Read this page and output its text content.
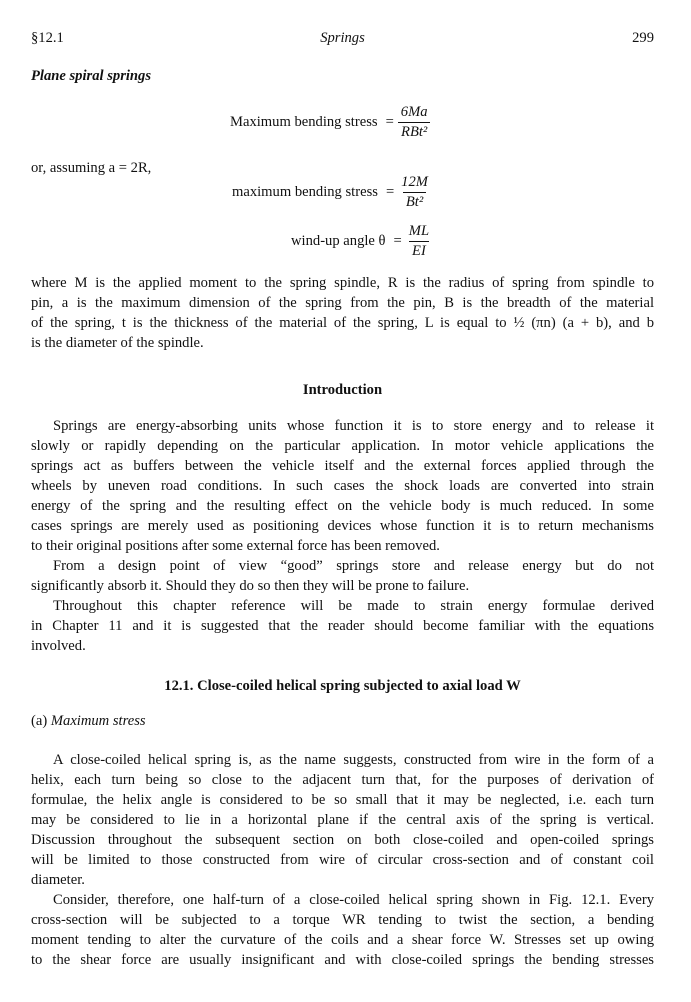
§12.1	Springs	299
Plane spiral springs
Maximum bending stress = $\frac{6Ma}{\text{RBt²}}$
or, assuming a = 2R,
maximum bending stress = $\frac{12M}{\text{Bt²}}$
wind-up angle $\theta = \frac{ML}{EI}$
where M is the applied moment to the spring spindle, R is the radius of spring from spindle to
pin, a is the maximum dimension of the spring from the pin, B is the breadth of the material
of the spring, t is the thickness of the material of the spring, L is equal to ½ (πn) (a + b), and b
is the diameter of the spindle.
Introduction
Springs are energy-absorbing units whose function it is to store energy and to release it
slowly or rapidly depending on the particular application. In motor vehicle applications the
springs act as buffers between the vehicle itself and the external forces applied through the
wheels by uneven road conditions. In such cases the shock loads are converted into strain
energy of the spring and the resulting effect on the vehicle body is much reduced. In some
cases springs are merely used as positioning devices whose function it is to return mechanisms
to their original positions after some external force has been removed.
From a design point of view “good” springs store and release energy but do not
significantly absorb it. Should they do so then they will be prone to failure.
Throughout this chapter reference will be made to strain energy formulae derived
in Chapter 11 and it is suggested that the reader should become familiar with the equations
involved.
12.1. Close-coiled helical spring subjected to axial load W
(a) Maximum stress
A close-coiled helical spring is, as the name suggests, constructed from wire in the form of a
helix, each turn being so close to the adjacent turn that, for the purposes of derivation of
formulae, the helix angle is considered to be so small that it may be neglected, i.e. each turn
may be considered to lie in a horizontal plane if the central axis of the spring is vertical.
Discussion throughout the subsequent section on both close-coiled and open-coiled springs
will be limited to those constructed from wire of circular cross-section and of constant coil
diameter.
Consider, therefore, one half-turn of a close-coiled helical spring shown in Fig. 12.1. Every
cross-section will be subjected to a torque WR tending to twist the section, a bending
moment tending to alter the curvature of the coils and a shear force W. Stresses set up owing
to the shear force are usually insignificant and with close-coiled springs the bending stresses
